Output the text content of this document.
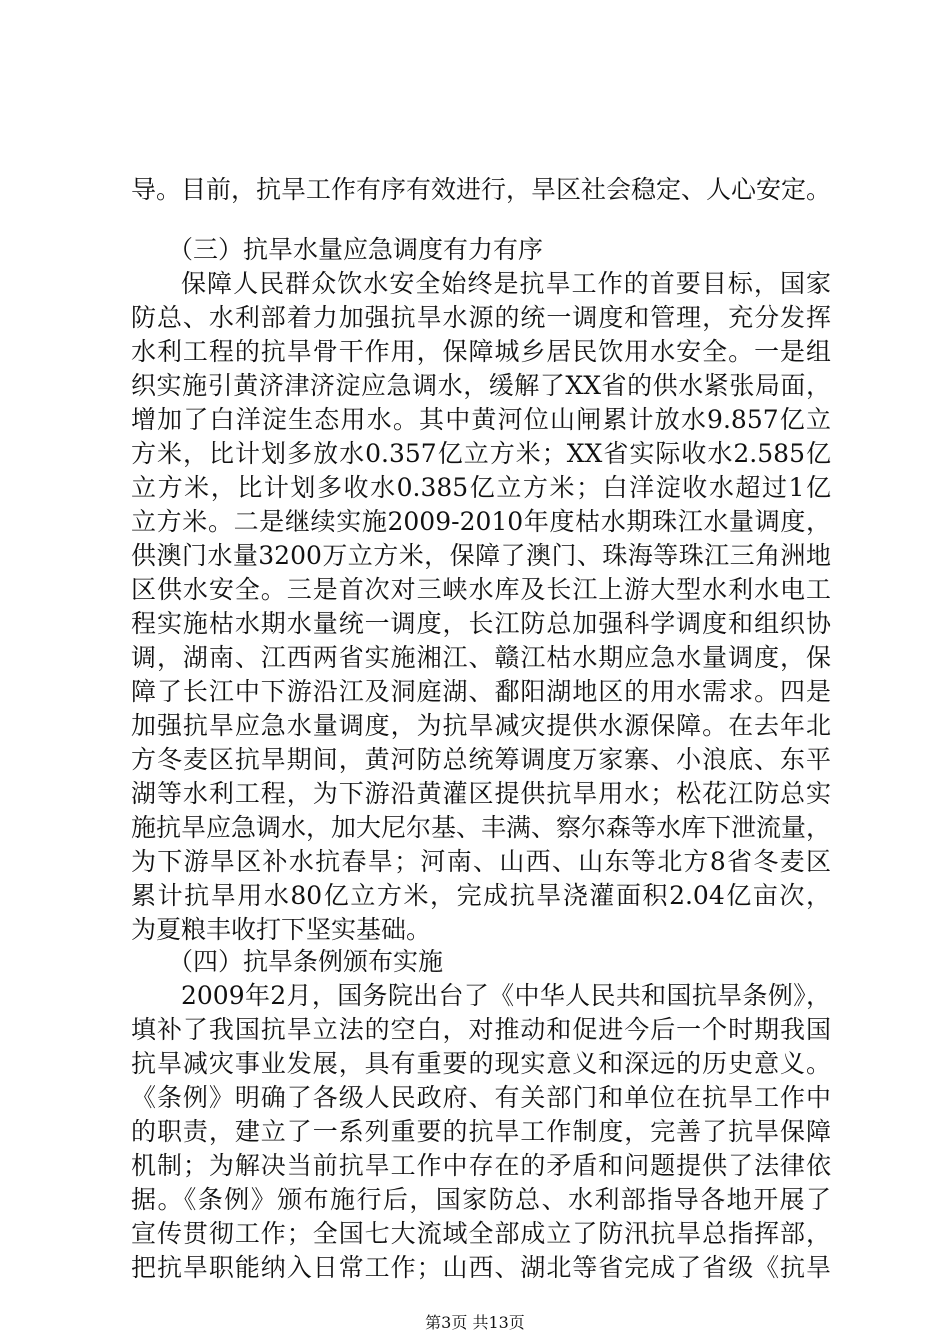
导。目前，抗旱工作有序有效进行，旱区社会稳定、人心安定。
（三）抗旱水量应急调度有力有序
保障人民群众饮水安全始终是抗旱工作的首要目标，国家
防总、水利部着力加强抗旱水源的统一调度和管理，充分发挥
水利工程的抗旱骨干作用，保障城乡居民饮用水安全。一是组
织实施引黄济津济淀应急调水，缓解了XX省的供水紧张局面，
增加了白洋淀生态用水。其中黄河位山闸累计放水9.857亿立
方米，比计划多放水0.357亿立方米；XX省实际收水2.585亿
立方米，比计划多收水0.385亿立方米；白洋淀收水超过1亿
立方米。二是继续实施2009-2010年度枯水期珠江水量调度，
供澳门水量3200万立方米，保障了澳门、珠海等珠江三角洲地
区供水安全。三是首次对三峡水库及长江上游大型水利水电工
程实施枯水期水量统一调度，长江防总加强科学调度和组织协
调，湖南、江西两省实施湘江、赣江枯水期应急水量调度，保
障了长江中下游沿江及洞庭湖、鄱阳湖地区的用水需求。四是
加强抗旱应急水量调度，为抗旱减灾提供水源保障。在去年北
方冬麦区抗旱期间，黄河防总统筹调度万家寨、小浪底、东平
湖等水利工程，为下游沿黄灌区提供抗旱用水；松花江防总实
施抗旱应急调水，加大尼尔基、丰满、察尔森等水库下泄流量，
为下游旱区补水抗春旱；河南、山西、山东等北方8省冬麦区
累计抗旱用水80亿立方米，完成抗旱浇灌面积2.04亿亩次，
为夏粮丰收打下坚实基础。
（四）抗旱条例颁布实施
2009年2月，国务院出台了《中华人民共和国抗旱条例》，
填补了我国抗旱立法的空白，对推动和促进今后一个时期我国
抗旱减灾事业发展，具有重要的现实意义和深远的历史意义。
《条例》明确了各级人民政府、有关部门和单位在抗旱工作中
的职责，建立了一系列重要的抗旱工作制度，完善了抗旱保障
机制；为解决当前抗旱工作中存在的矛盾和问题提供了法律依
据。《条例》颁布施行后，国家防总、水利部指导各地开展了
宣传贯彻工作；全国七大流域全部成立了防汛抗旱总指挥部，
把抗旱职能纳入日常工作；山西、湖北等省完成了省级《抗旱
第3页 共13页
